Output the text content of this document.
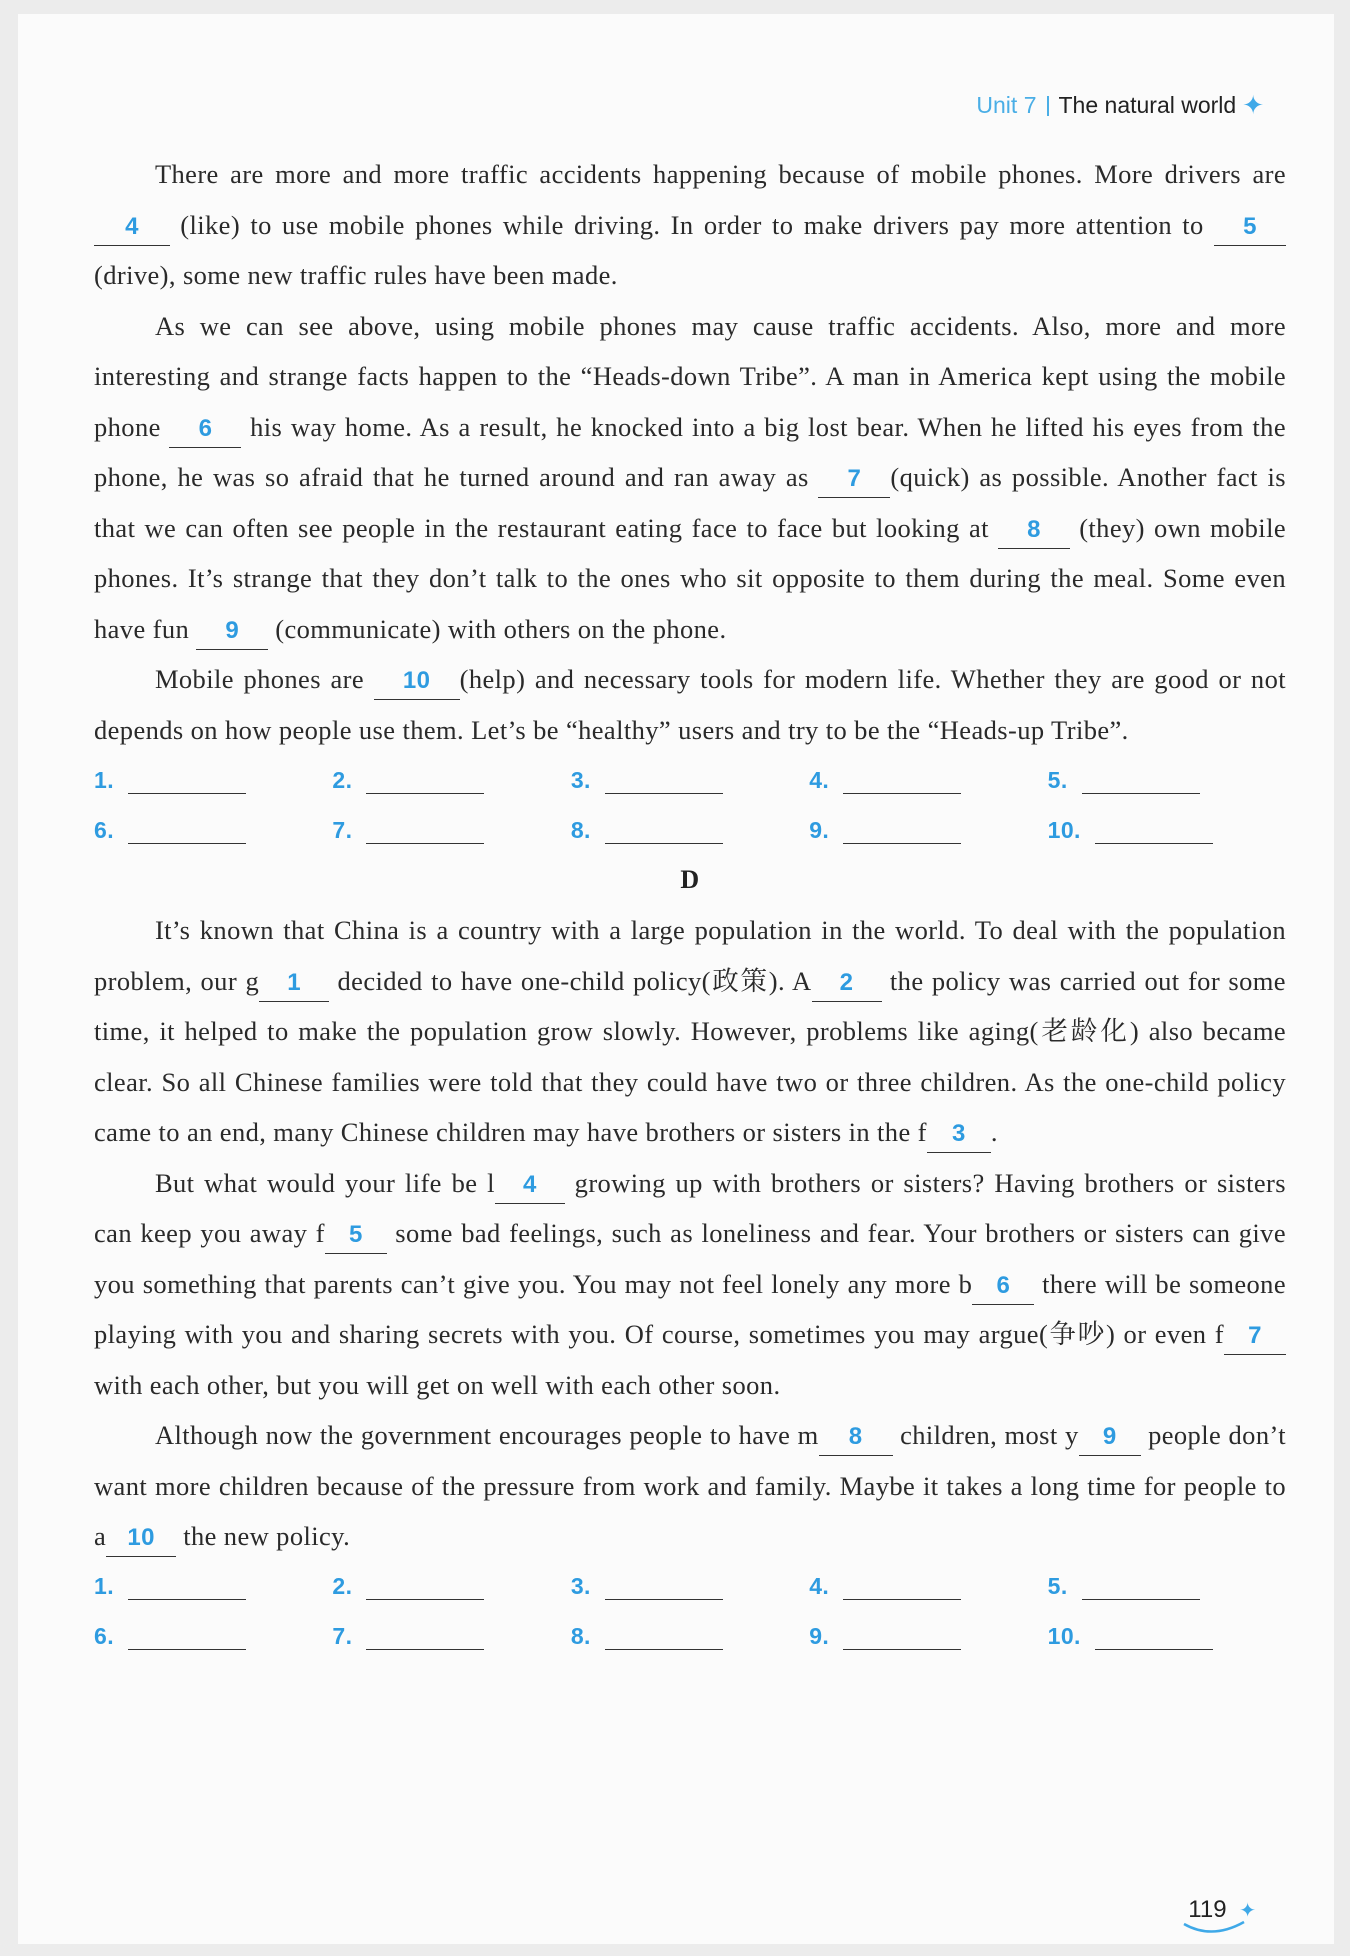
Unit 7 The natural world ✦

There are more and more traffic accidents happening because of mobile phones. More drivers are 4 (like) to use mobile phones while driving. In order to make drivers pay more attention to 5 (drive), some new traffic rules have been made.

As we can see above, using mobile phones may cause traffic accidents. Also, more and more interesting and strange facts happen to the “Heads-down Tribe”. A man in America kept using the mobile phone 6 his way home. As a result, he knocked into a big lost bear. When he lifted his eyes from the phone, he was so afraid that he turned around and ran away as 7 (quick) as possible. Another fact is that we can often see people in the restaurant eating face to face but looking at 8 (they) own mobile phones. It’s strange that they don’t talk to the ones who sit opposite to them during the meal. Some even have fun 9 (communicate) with others on the phone.

Mobile phones are 10 (help) and necessary tools for modern life. Whether they are good or not depends on how people use them. Let’s be “healthy” users and try to be the “Heads-up Tribe”.

1.	2.	3.	4.	5.
6.	7.	8.	9.	10.
D

It’s known that China is a country with a large population in the world. To deal with the population problem, our g 1 decided to have one-child policy(政策). A 2 the policy was carried out for some time, it helped to make the population grow slowly. However, problems like aging(老龄化) also became clear. So all Chinese families were told that they could have two or three children. As the one-child policy came to an end, many Chinese children may have brothers or sisters in the f 3 .

But what would your life be l 4 growing up with brothers or sisters? Having brothers or sisters can keep you away f 5 some bad feelings, such as loneliness and fear. Your brothers or sisters can give you something that parents can’t give you. You may not feel lonely any more b 6 there will be someone playing with you and sharing secrets with you. Of course, sometimes you may argue(争吵) or even f 7 with each other, but you will get on well with each other soon.

Although now the government encourages people to have m 8 children, most y 9 people don’t want more children because of the pressure from work and family. Maybe it takes a long time for people to a 10 the new policy.

1.	2.	3.	4.	5.
6.	7.	8.	9.	10.
119 ✦
